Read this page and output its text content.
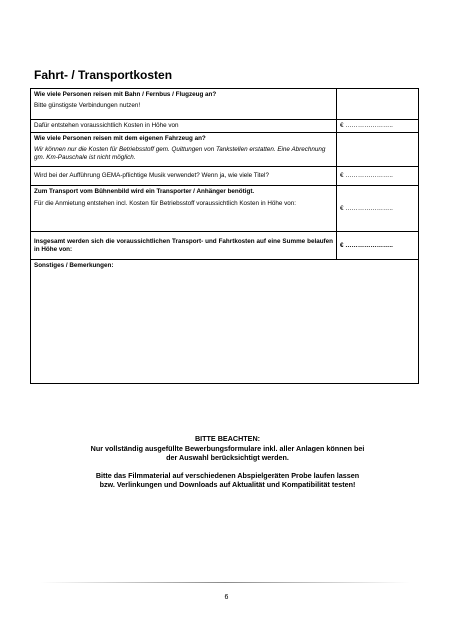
Fahrt- / Transportkosten
Wie viele Personen reisen mit Bahn / Fernbus / Flugzeug an?
Bitte günstigste Verbindungen nutzen!	

Dafür entstehen voraussichtlich Kosten in Höhe von	€ …………………..

Wie viele Personen reisen mit dem eigenen Fahrzeug an?
Wir können nur die Kosten für Betriebsstoff gem. Quittungen von Tankstellen erstatten. Eine Abrechnung gm. Km-Pauschale ist nicht möglich.	

Wird bei der Aufführung GEMA-pflichtige Musik verwendet? Wenn ja, wie viele Titel?	€ …………………..

Zum Transport vom Bühnenbild wird ein Transporter / Anhänger benötigt.
Für die Anmietung entstehen incl. Kosten für Betriebsstoff voraussichtlich Kosten in Höhe von:	€ …………………..
Insgesamt werden sich die voraussichtlichen Transport- und Fahrtkosten auf eine Summe belaufen in Höhe von:	€ …………………..

Sonstiges / Bemerkungen:	

BITTE BEACHTEN:

Nur vollständig ausgefüllte Bewerbungsformulare inkl. aller Anlagen können bei

der Auswahl berücksichtigt werden.

Bitte das Filmmaterial auf verschiedenen Abspielgeräten Probe laufen lassen

bzw. Verlinkungen und Downloads auf Aktualität und Kompatibilität testen!

6
